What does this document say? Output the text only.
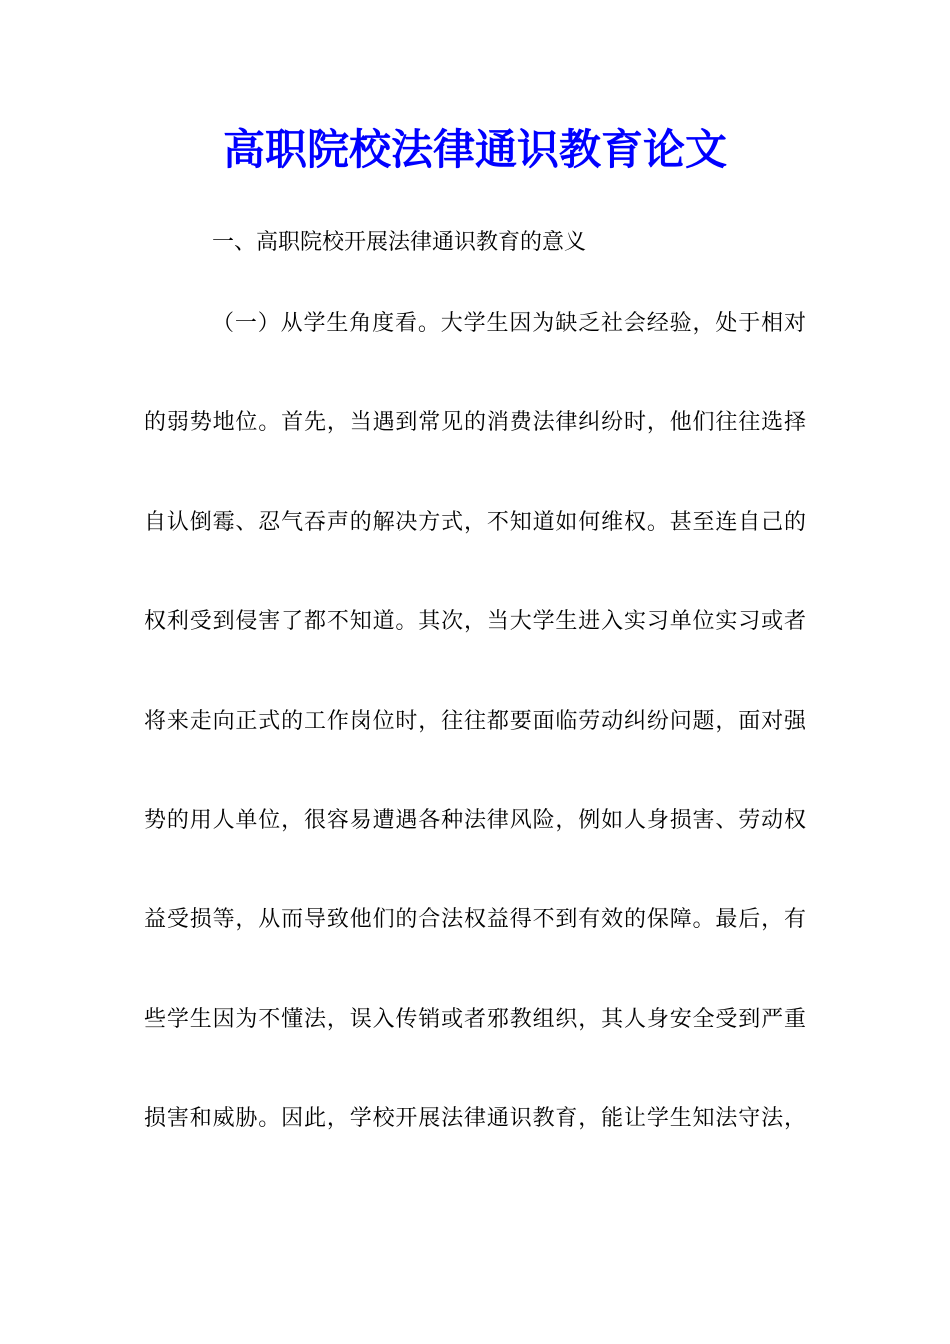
高职院校法律通识教育论文

一、高职院校开展法律通识教育的意义

（一）从学生角度看。大学生因为缺乏社会经验，处于相对

的弱势地位。首先，当遇到常见的消费法律纠纷时，他们往往选择

自认倒霉、忍气吞声的解决方式，不知道如何维权。甚至连自己的

权利受到侵害了都不知道。其次，当大学生进入实习单位实习或者

将来走向正式的工作岗位时，往往都要面临劳动纠纷问题，面对强

势的用人单位，很容易遭遇各种法律风险，例如人身损害、劳动权

益受损等，从而导致他们的合法权益得不到有效的保障。最后，有

些学生因为不懂法，误入传销或者邪教组织，其人身安全受到严重

损害和威胁。因此，学校开展法律通识教育，能让学生知法守法，
